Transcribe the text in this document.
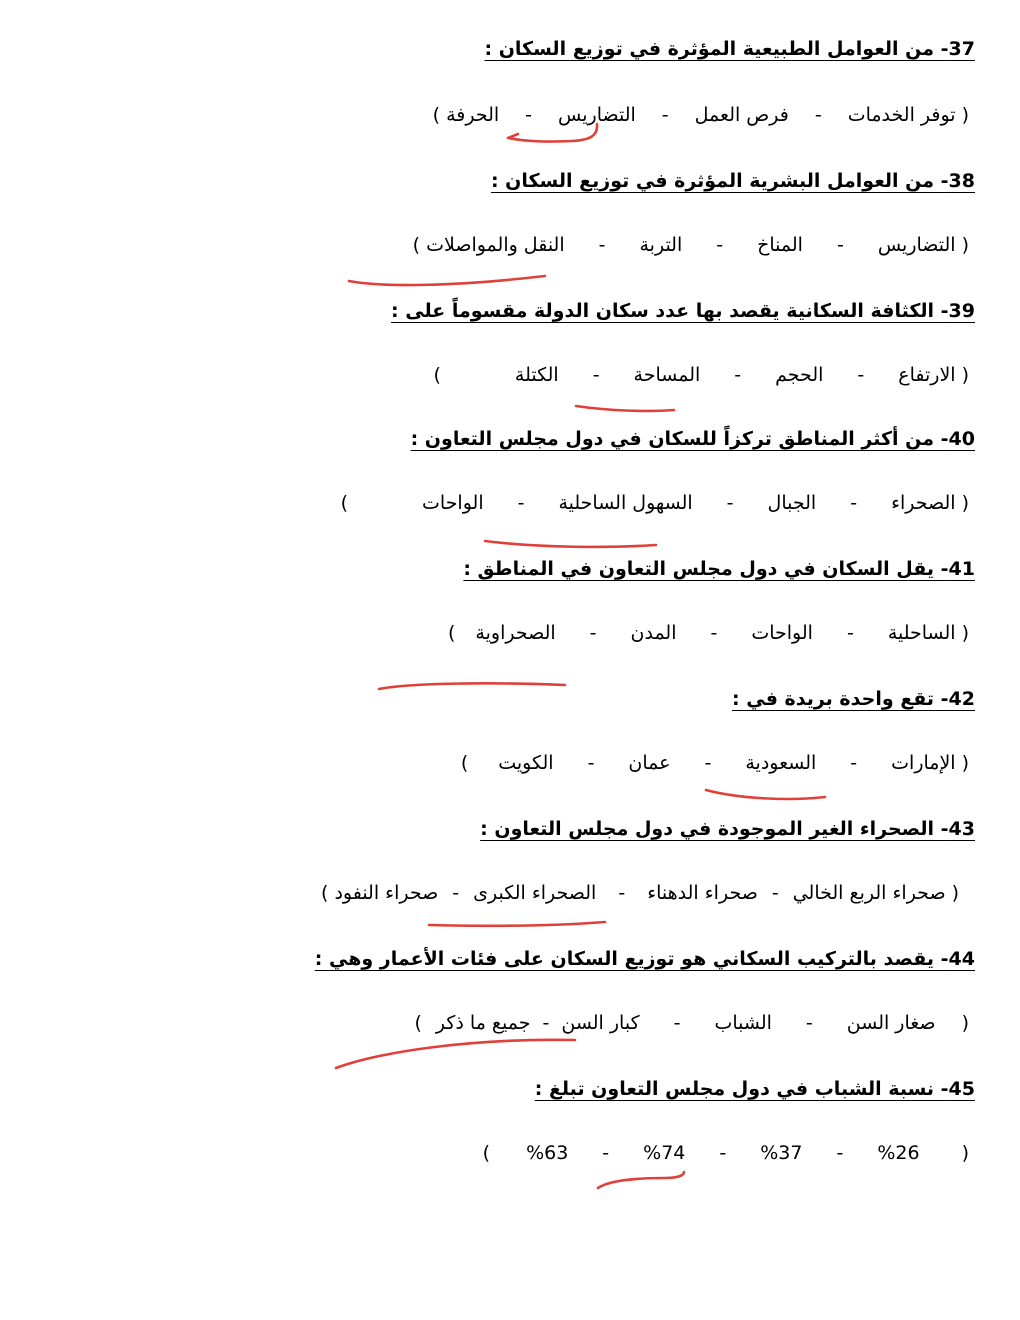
37- من العوامل الطبيعية المؤثرة في توزيع السكان :
(
توفر الخدمات
-
فرص العمل
-
التضاريس
-
الحرفة
)
38- من العوامل البشرية المؤثرة في توزيع السكان :
(
التضاريس
-
المناخ
-
التربة
-
النقل والمواصلات
)
39- الكثافة السكانية يقصد بها عدد سكان الدولة مقسوماً على :
(
الارتفاع
-
الحجم
-
المساحة
-
الكتلة
)
40- من أكثر المناطق تركزاً للسكان في دول مجلس التعاون :
(
الصحراء
-
الجبال
-
السهول الساحلية
-
الواحات
)
41- يقل السكان في دول مجلس التعاون في المناطق :
(
الساحلية
-
الواحات
-
المدن
-
الصحراوية
)
42- تقع واحدة بريدة في :
(
الإمارات
-
السعودية
-
عمان
-
الكويت
)
43- الصحراء الغير الموجودة في دول مجلس التعاون :
(
صحراء الربع الخالي
-
صحراء الدهناء
-
الصحراء الكبرى
-
صحراء النفود
)
44- يقصد بالتركيب السكاني هو توزيع السكان على فئات الأعمار وهي :
(
صغار السن
-
الشباب
-
كبار السن
-
جميع ما ذكر
)
45- نسبة الشباب في دول مجلس التعاون تبلغ :
(
%26
-
%37
-
%74
-
%63
)
